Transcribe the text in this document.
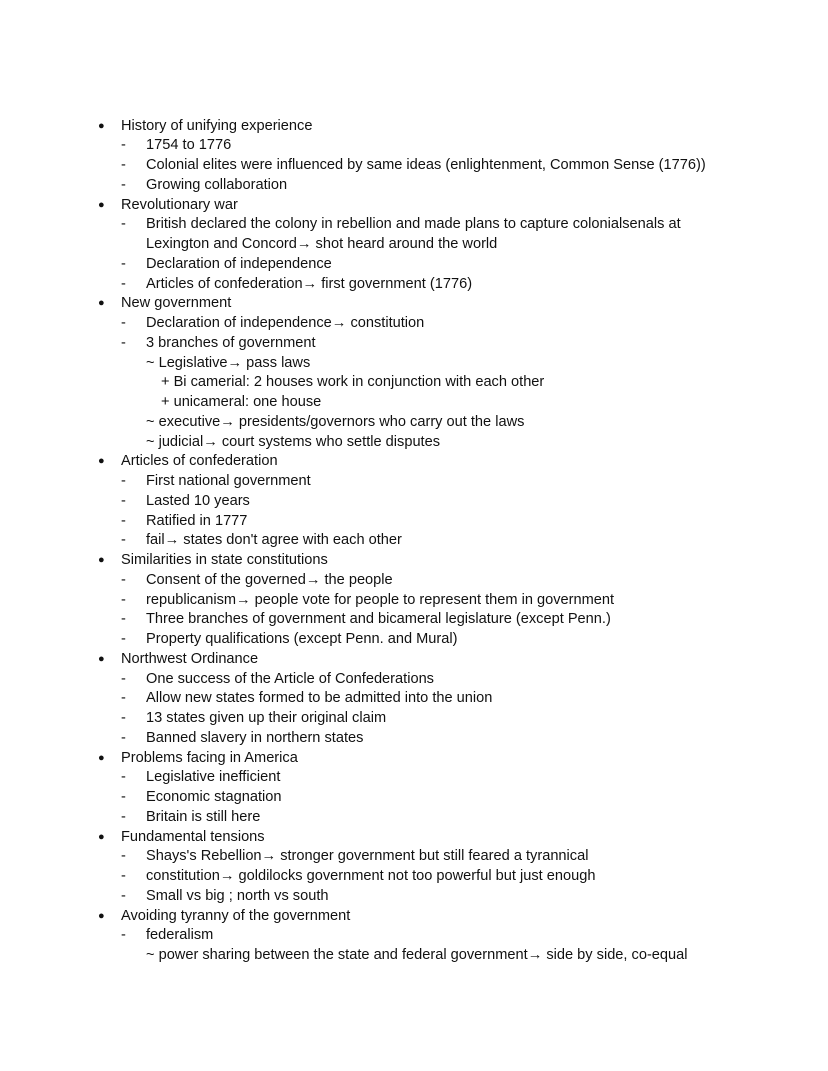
● History of unifying experience
- 1754 to 1776
- Colonial elites were influenced by same ideas (enlightenment, Common Sense (1776))
- Growing collaboration
● Revolutionary war
- British declared the colony in rebellion and made plans to capture colonialsenals at
Lexington and Concord→ shot heard around the world
- Declaration of independence
- Articles of confederation→ first government (1776)
● New government
- Declaration of independence→ constitution
- 3 branches of government
~ Legislative→ pass laws
+ Bi camerial: 2 houses work in conjunction with each other
+ unicameral: one house
~ executive→ presidents/governors who carry out the laws
~ judicial→ court systems who settle disputes
● Articles of confederation
- First national government
- Lasted 10 years
- Ratified in 1777
- fail→ states don't agree with each other
● Similarities in state constitutions
- Consent of the governed→ the people
- republicanism→ people vote for people to represent them in government
- Three branches of government and bicameral legislature (except Penn.)
- Property qualifications (except Penn. and Mural)
● Northwest Ordinance
- One success of the Article of Confederations
- Allow new states formed to be admitted into the union
- 13 states given up their original claim
- Banned slavery in northern states
● Problems facing in America
- Legislative inefficient
- Economic stagnation
- Britain is still here
● Fundamental tensions
- Shays's Rebellion→ stronger government but still feared a tyrannical
- constitution→ goldilocks government not too powerful but just enough
- Small vs big ; north vs south
● Avoiding tyranny of the government
- federalism
~ power sharing between the state and federal government→ side by side, co-equal
